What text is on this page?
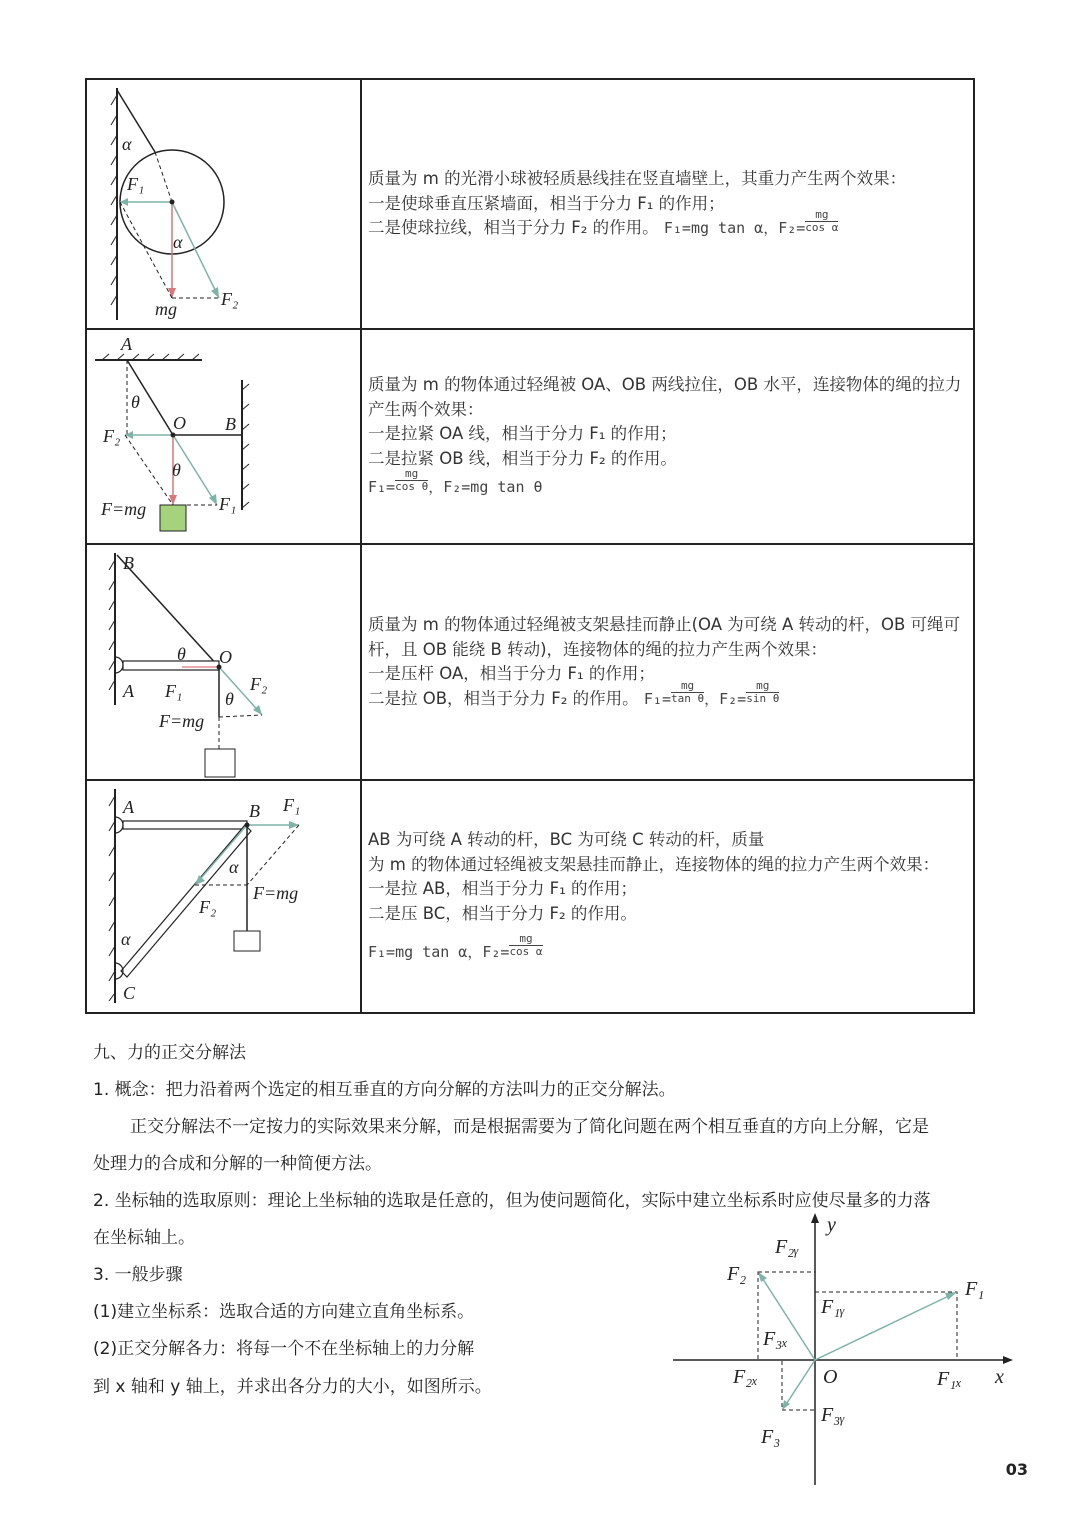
α
F₁
α
mg F₂

质量为 m 的光滑小球被轻质悬线挂在竖直墙壁上，其重力产生两个效果：

一是使球垂直压紧墙面，相当于分力 F₁ 的作用；

二是使球拉线，相当于分力 F₂ 的作用。 F₁=mg tan α，$F_2= \frac{mg}{\text{cos α}}$

A
θ
O B
F₂
θ
F=mg	F₁

质量为 m 的物体通过轻绳被 OA、OB 两线拉住，OB 水平，连接物体的绳的拉力产生两个效果：

一是拉紧 OA 线，相当于分力 F₁ 的作用；

二是拉紧 OB 线，相当于分力 F₂ 的作用。

$F_1= \frac{mg}{\text{cos θ}}$ ，F₂=mg tan θ

B
θ O
A F₁ θ
F₂
F=mg

质量为 m 的物体通过轻绳被支架悬挂而静止(OA 为可绕 A 转动的杆，OB 可绳可杆，且 OB 能绕 B 转动)，连接物体的绳的拉力产生两个效果：

一是压杆 OA，相当于分力 F₁ 的作用；

二是拉 OB，相当于分力 F₂ 的作用。 $F_1= \frac{mg}{\text{tan θ}}$ ，$F_2= \frac{mg}{\text{sin θ}}$

A	B F₁
α
F=mg
F₂
α
C

AB 为可绕 A 转动的杆，BC 为可绕 C 转动的杆，质量

为 m 的物体通过轻绳被支架悬挂而静止，连接物体的绳的拉力产生两个效果：

一是拉 AB，相当于分力 F₁ 的作用；

二是压 BC，相当于分力 F₂ 的作用。

F₁=mg tan α，$F_2= \frac{mg}{\text{cos α}}$

九、力的正交分解法

1. 概念：把力沿着两个选定的相互垂直的方向分解的方法叫力的正交分解法。

正交分解法不一定按力的实际效果来分解，而是根据需要为了简化问题在两个相互垂直的方向上分解，它是

处理力的合成和分解的一种简便方法。

2. 坐标轴的选取原则：理论上坐标轴的选取是任意的，但为使问题简化，实际中建立坐标系时应使尽量多的力落

在坐标轴上。

3. 一般步骤

(1)建立坐标系：选取合适的方向建立直角坐标系。

(2)正交分解各力：将每一个不在坐标轴上的力分解

到 x 轴和 y 轴上，并求出各分力的大小，如图所示。

y
x
O
F₁
F₁ₓ
F₁ᵧ
F₂
F₂ₓ
F₂ᵧ
F₃
F₃ₓ
F₃ᵧ
03
